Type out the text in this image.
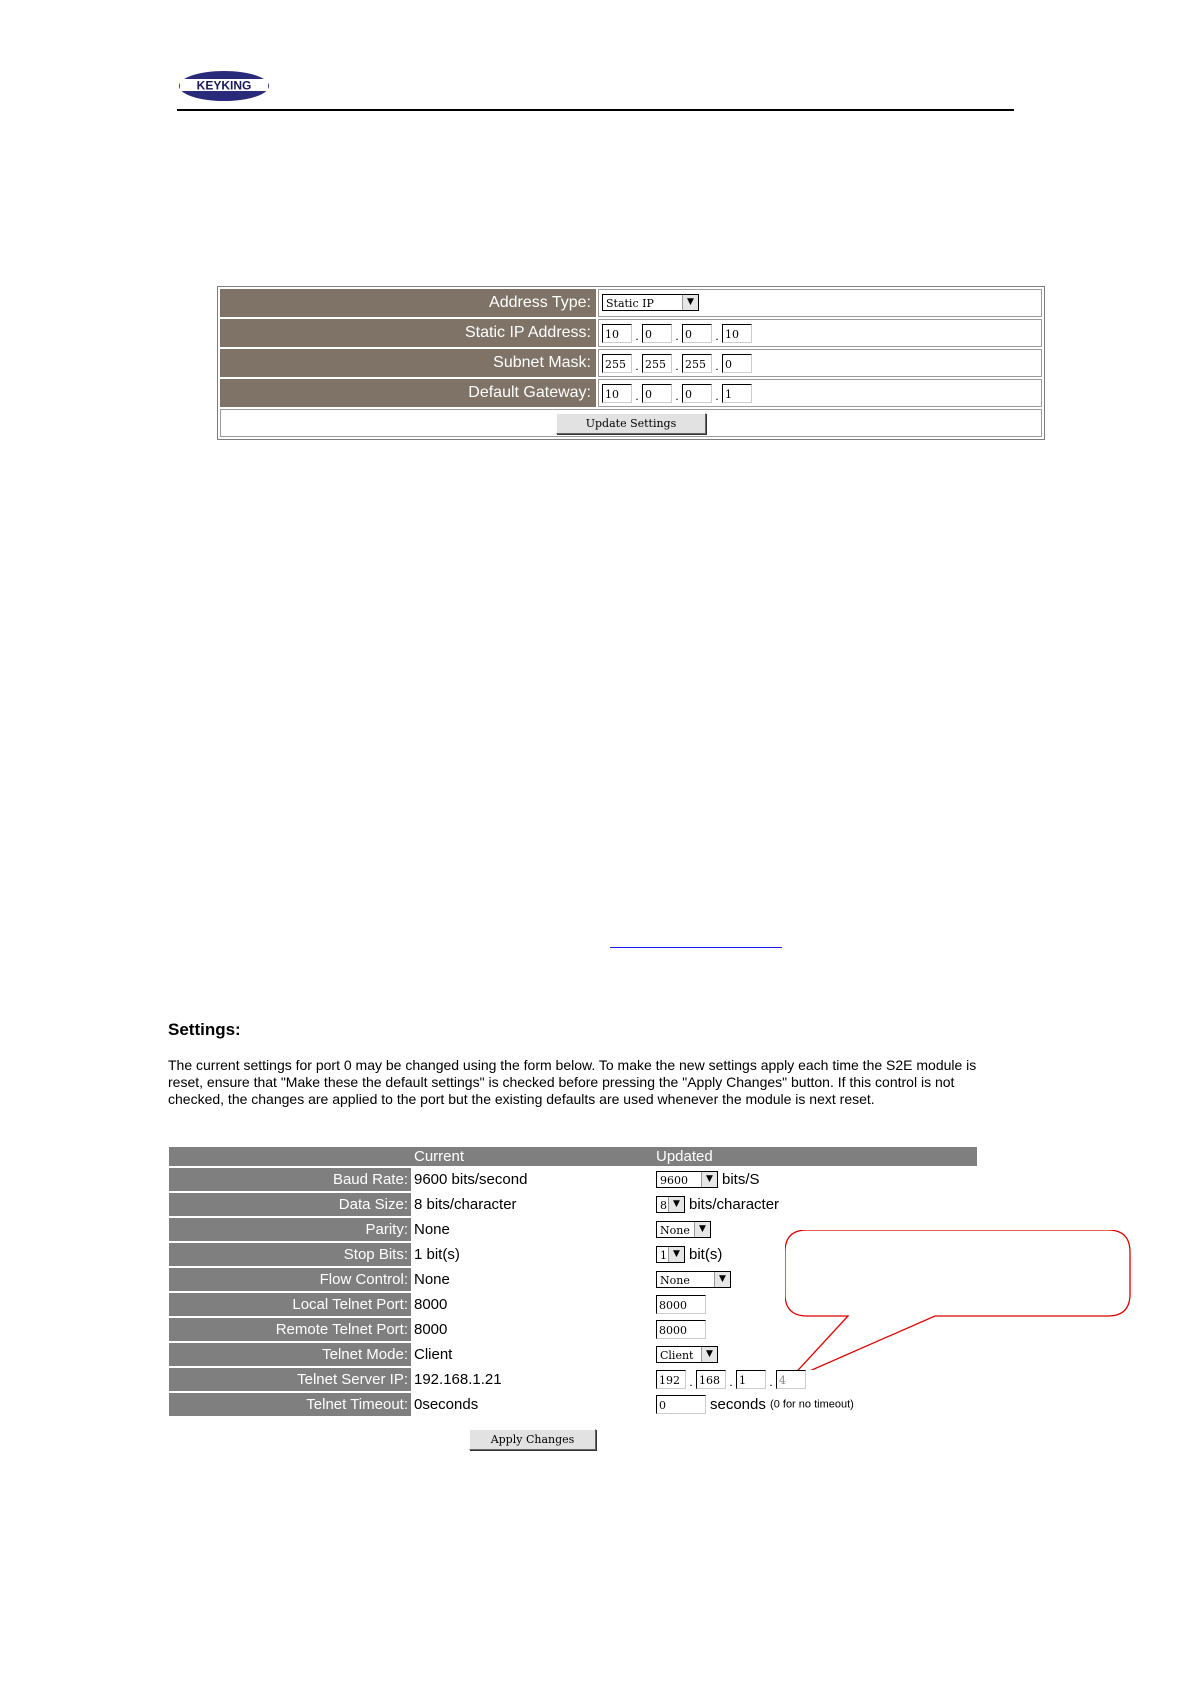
KEYKING
Address Type:	Static IP ▼

Static IP Address:	10 . 0 . 0 . 10
Subnet Mask:	255 . 255 . 255 . 0
Default Gateway:	10 . 0 . 0 . 1
Update Settings	
Settings:
The current settings for port 0 may be changed using the form below. To make the new settings apply each time the S2E module is reset, ensure that "Make these the default settings" is checked before pressing the "Apply Changes" button. If this control is not checked, the changes are applied to the port but the existing defaults are used whenever the module is next reset.
	Current	Updated
Baud Rate:	9600 bits/second	9600 ▼ bits/S
Data Size:	8 bits/character	8 ▼ bits/character
Parity:	None	None ▼

Stop Bits:	1 bit(s)	1 ▼ bit(s)
Flow Control:	None	None ▼

Local Telnet Port:	8000	8000
Remote Telnet Port:	8000	8000
Telnet Mode:	Client	Client ▼

Telnet Server IP:	192.168.1.21	192 . 168 . 1 . 4
Telnet Timeout:	0seconds	0 seconds (0 for no timeout)
Apply Changes
